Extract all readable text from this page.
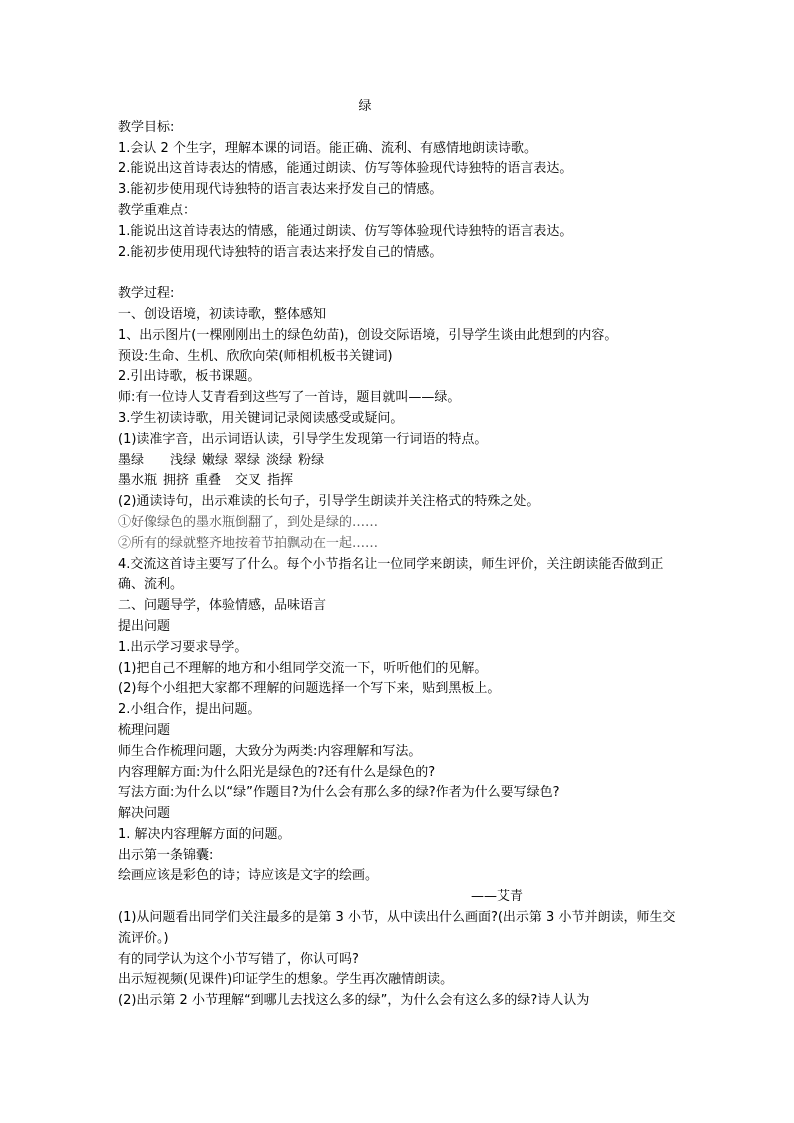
绿
教学目标:
1.会认 2 个生字，理解本课的词语。能正确、流利、有感情地朗读诗歌。
2.能说出这首诗表达的情感，能通过朗读、仿写等体验现代诗独特的语言表达。
3.能初步使用现代诗独特的语言表达来抒发自己的情感。
教学重难点：
1.能说出这首诗表达的情感，能通过朗读、仿写等体验现代诗独特的语言表达。
2.能初步使用现代诗独特的语言表达来抒发自己的情感。
教学过程:
一、创设语境，初读诗歌，整体感知
1、出示图片(一棵刚刚出土的绿色幼苗)，创设交际语境，引导学生谈由此想到的内容。
预设:生命、生机、欣欣向荣(师相机板书关键词)
2.引出诗歌，板书课题。
师:有一位诗人艾青看到这些写了一首诗，题目就叫——绿。
3.学生初读诗歌，用关键词记录阅读感受或疑问。
(1)读准字音，出示词语认读，引导学生发现第一行词语的特点。
墨绿 浅绿 嫩绿 翠绿 淡绿 粉绿
墨水瓶 拥挤 重叠 交叉 指挥
(2)通读诗句，出示难读的长句子，引导学生朗读并关注格式的特殊之处。
①好像绿色的墨水瓶倒翻了，到处是绿的……
②所有的绿就整齐地按着节拍飘动在一起……
4.交流这首诗主要写了什么。每个小节指名让一位同学来朗读，师生评价，关注朗读能否做到正确、流利。
二、问题导学，体验情感，品味语言
提出问题
1.出示学习要求导学。
(1)把自己不理解的地方和小组同学交流一下，听听他们的见解。
(2)每个小组把大家都不理解的问题选择一个写下来，贴到黑板上。
2.小组合作，提出问题。
梳理问题
师生合作梳理问题，大致分为两类:内容理解和写法。
内容理解方面:为什么阳光是绿色的?还有什么是绿色的?
写法方面:为什么以“绿”作题目?为什么会有那么多的绿?作者为什么要写绿色?
解决问题
1. 解决内容理解方面的问题。
出示第一条锦囊:
绘画应该是彩色的诗；诗应该是文字的绘画。
——艾青
(1)从问题看出同学们关注最多的是第 3 小节，从中读出什么画面?(出示第 3 小节并朗读，师生交流评价。)
有的同学认为这个小节写错了，你认可吗?
出示短视频(见课件)印证学生的想象。学生再次融情朗读。
(2)出示第 2 小节理解“到哪儿去找这么多的绿”，为什么会有这么多的绿?诗人认为
